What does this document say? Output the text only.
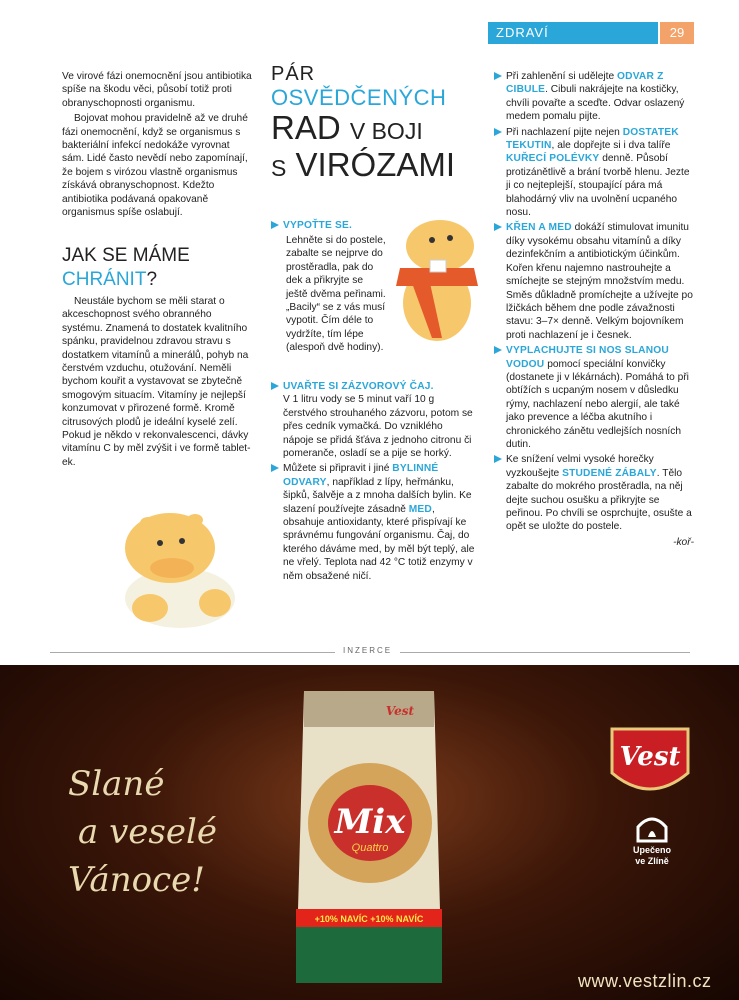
ZDRAVÍ	29

Ve virové fázi onemocnění jsou antibiotika spíše na škodu věci, působí totiž proti obranyschopnosti organismu.

Bojovat mohou pravidelně až ve druhé fázi onemocnění, když se organismus s bakteriální infekcí nedokáže vyrovnat sám. Lidé často nevědí nebo zapomínají, že bojem s virózou vlastně organismus získává obranyschopnost. Kdežto antibiotika podávaná opakovaně organismus spíše oslabují.

JAK SE MÁME
CHRÁNIT?

Neustále bychom se měli starat o akceschopnost svého obranného systému. Znamená to dostatek kvalitního spánku, pravidelnou zdravou stravu s dostatkem vitamínů a minerálů, pohyb na čerstvém vzduchu, otužování. Neměli bychom kouřit a vystavovat se zbytečně smogovým situacím. Vitamíny je nejlepší konzumovat v přirozené formě. Kromě citrusových plodů je ideální kyselé zelí. Pokud je někdo v rekonvalescenci, dávky vitamínu C by měl zvýšit i ve formě tabletek.

PÁR
OSVĚDČENÝCH
RAD V BOJI
S VIRÓZAMI
VYPOŤTE SE.
Lehněte si do postele, zabalte se nejprve do prostěradla, pak do dek a přikryjte se ještě dvěma peřinami. „Bacily“ se z vás musí vypotit. Čím déle to vydržíte, tím lépe (alespoň dvě hodiny).
UVAŘTE SI ZÁZVOROVÝ ČAJ.
V 1 litru vody se 5 minut vaří 10 g čerstvého strouhaného zázvoru, potom se přes cedník vymačká. Do vzniklého nápoje se přidá šťáva z jednoho citronu či pomeranče, osladí se a pije se horký.
Můžete si připravit i jiné BYLINNÉ ODVARY, například z lípy, heřmánku, šipků, šalvěje a z mnoha dalších bylin. Ke slazení používejte zásadně MED, obsahuje antioxidanty, které přispívají ke správnému fungování organismu. Čaj, do kterého dáváme med, by měl být teplý, ale ne vřelý. Teplota nad 42 °C totiž enzymy v něm obsažené ničí.
Při zahlenění si udělejte ODVAR Z CIBULE. Cibuli nakrájejte na kostičky, chvíli povařte a sceďte. Odvar oslazený medem pomalu pijte.
Při nachlazení pijte nejen DOSTATEK TEKUTIN, ale dopřejte si i dva talíře KUŘECÍ POLÉVKY denně. Působí protizánětlivě a brání tvorbě hlenu. Jezte ji co nejteplejší, stoupající pára má blahodárný vliv na uvolnění ucpaného nosu.
KŘEN A MED dokáží stimulovat imunitu díky vysokému obsahu vitamínů a díky dezinfekčním a antibiotickým účinkům. Kořen křenu najemno nastrouhejte a smíchejte se stejným množstvím medu. Směs důkladně promíchejte a užívejte po lžičkách během dne podle závažnosti stavu: 3–7× denně. Velkým bojovníkem proti nachlazení je i česnek.
VYPLACHUJTE SI NOS SLANOU VODOU pomocí speciální konvičky (dostanete ji v lékárnách). Pomáhá to při obtížích s ucpaným nosem v důsledku rýmy, nachlazení nebo alergií, ale také jako prevence a léčba akutního i chronického zánětu vedlejších nosních dutin.
Ke snížení velmi vysoké horečky vyzkoušejte STUDENÉ ZÁBALY. Tělo zabalte do mokrého prostěradla, na něj dejte suchou osušku a přikryjte se peřinou. Po chvíli se osprchujte, osušte a opět se uložte do postele.
-koř-
INZERCE
Slané
a veselé
Vánoce!
Mix
Quattro
+10% NAVÍC +10% NAVÍC
Vest
Vest
Upečeno
ve Zlíně
www.vestzlin.cz
